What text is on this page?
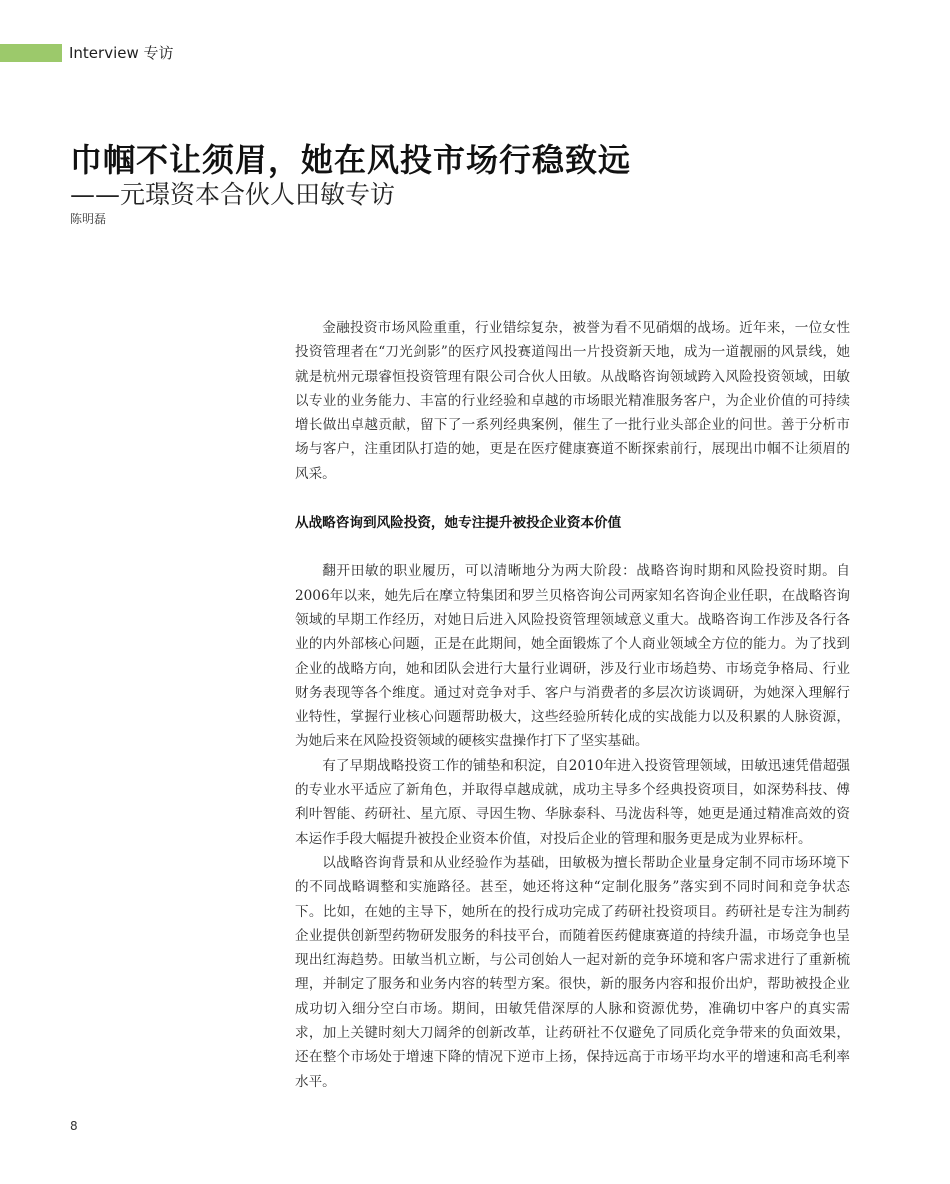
Interview 专访
巾帼不让须眉，她在风投市场行稳致远
——元璟资本合伙人田敏专访
陈明磊

金融投资市场风险重重，行业错综复杂，被誉为看不见硝烟的战场。近年来，一位女性投资管理者在“刀光剑影”的医疗风投赛道闯出一片投资新天地，成为一道靓丽的风景线，她就是杭州元璟睿恒投资管理有限公司合伙人田敏。从战略咨询领域跨入风险投资领域，田敏以专业的业务能力、丰富的行业经验和卓越的市场眼光精准服务客户，为企业价值的可持续增长做出卓越贡献，留下了一系列经典案例，催生了一批行业头部企业的问世。善于分析市场与客户，注重团队打造的她，更是在医疗健康赛道不断探索前行，展现出巾帼不让须眉的风采。

从战略咨询到风险投资，她专注提升被投企业资本价值

翻开田敏的职业履历，可以清晰地分为两大阶段：战略咨询时期和风险投资时期。自2006年以来，她先后在摩立特集团和罗兰贝格咨询公司两家知名咨询企业任职，在战略咨询领域的早期工作经历，对她日后进入风险投资管理领域意义重大。战略咨询工作涉及各行各业的内外部核心问题，正是在此期间，她全面锻炼了个人商业领域全方位的能力。为了找到企业的战略方向，她和团队会进行大量行业调研，涉及行业市场趋势、市场竞争格局、行业财务表现等各个维度。通过对竞争对手、客户与消费者的多层次访谈调研，为她深入理解行业特性，掌握行业核心问题帮助极大，这些经验所转化成的实战能力以及积累的人脉资源，为她后来在风险投资领域的硬核实盘操作打下了坚实基础。

有了早期战略投资工作的铺垫和积淀，自2010年进入投资管理领域，田敏迅速凭借超强的专业水平适应了新角色，并取得卓越成就，成功主导多个经典投资项目，如深势科技、傅利叶智能、药研社、星亢原、寻因生物、华脉泰科、马泷齿科等，她更是通过精准高效的资本运作手段大幅提升被投企业资本价值，对投后企业的管理和服务更是成为业界标杆。

以战略咨询背景和从业经验作为基础，田敏极为擅长帮助企业量身定制不同市场环境下的不同战略调整和实施路径。甚至，她还将这种“定制化服务”落实到不同时间和竞争状态下。比如，在她的主导下，她所在的投行成功完成了药研社投资项目。药研社是专注为制药企业提供创新型药物研发服务的科技平台，而随着医药健康赛道的持续升温，市场竞争也呈现出红海趋势。田敏当机立断，与公司创始人一起对新的竞争环境和客户需求进行了重新梳理，并制定了服务和业务内容的转型方案。很快，新的服务内容和报价出炉，帮助被投企业成功切入细分空白市场。期间，田敏凭借深厚的人脉和资源优势，准确切中客户的真实需求，加上关键时刻大刀阔斧的创新改革，让药研社不仅避免了同质化竞争带来的负面效果，还在整个市场处于增速下降的情况下逆市上扬，保持远高于市场平均水平的增速和高毛利率水平。

8
